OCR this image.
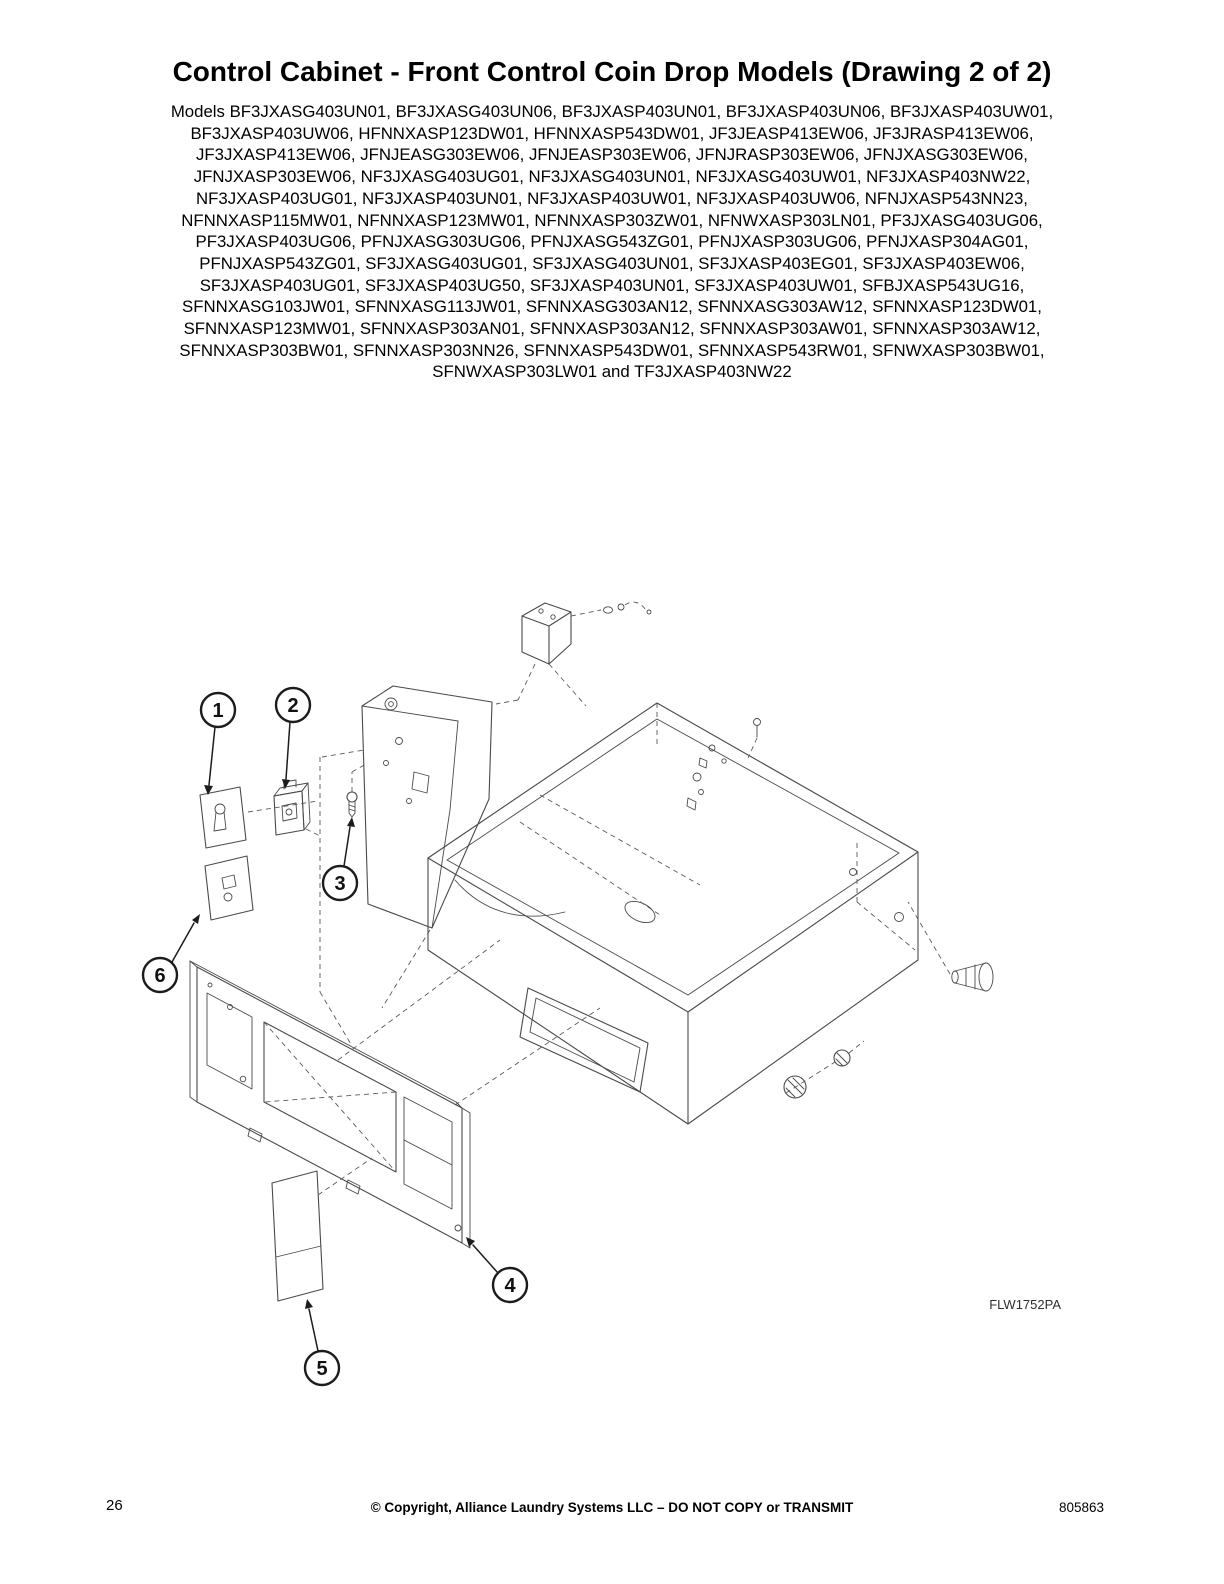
Control Cabinet - Front Control Coin Drop Models (Drawing 2 of 2)
Models BF3JXASG403UN01, BF3JXASG403UN06, BF3JXASP403UN01, BF3JXASP403UN06, BF3JXASP403UW01,
BF3JXASP403UW06, HFNNXASP123DW01, HFNNXASP543DW01, JF3JEASP413EW06, JF3JRASP413EW06,
JF3JXASP413EW06, JFNJEASG303EW06, JFNJEASP303EW06, JFNJRASP303EW06, JFNJXASG303EW06,
JFNJXASP303EW06, NF3JXASG403UG01, NF3JXASG403UN01, NF3JXASG403UW01, NF3JXASP403NW22,
NF3JXASP403UG01, NF3JXASP403UN01, NF3JXASP403UW01, NF3JXASP403UW06, NFNJXASP543NN23,
NFNNXASP115MW01, NFNNXASP123MW01, NFNNXASP303ZW01, NFNWXASP303LN01, PF3JXASG403UG06,
PF3JXASP403UG06, PFNJXASG303UG06, PFNJXASG543ZG01, PFNJXASP303UG06, PFNJXASP304AG01,
PFNJXASP543ZG01, SF3JXASG403UG01, SF3JXASG403UN01, SF3JXASP403EG01, SF3JXASP403EW06,
SF3JXASP403UG01, SF3JXASP403UG50, SF3JXASP403UN01, SF3JXASP403UW01, SFBJXASP543UG16,
SFNNXASG103JW01, SFNNXASG113JW01, SFNNXASG303AN12, SFNNXASG303AW12, SFNNXASP123DW01,
SFNNXASP123MW01, SFNNXASP303AN01, SFNNXASP303AN12, SFNNXASP303AW01, SFNNXASP303AW12,
SFNNXASP303BW01, SFNNXASP303NN26, SFNNXASP543DW01, SFNNXASP543RW01, SFNWXASP303BW01,
SFNWXASP303LW01 and TF3JXASP403NW22
1	2
3
4
5
6
FLW1752PA
26	© Copyright, Alliance Laundry Systems LLC – DO NOT COPY or TRANSMIT	805863
